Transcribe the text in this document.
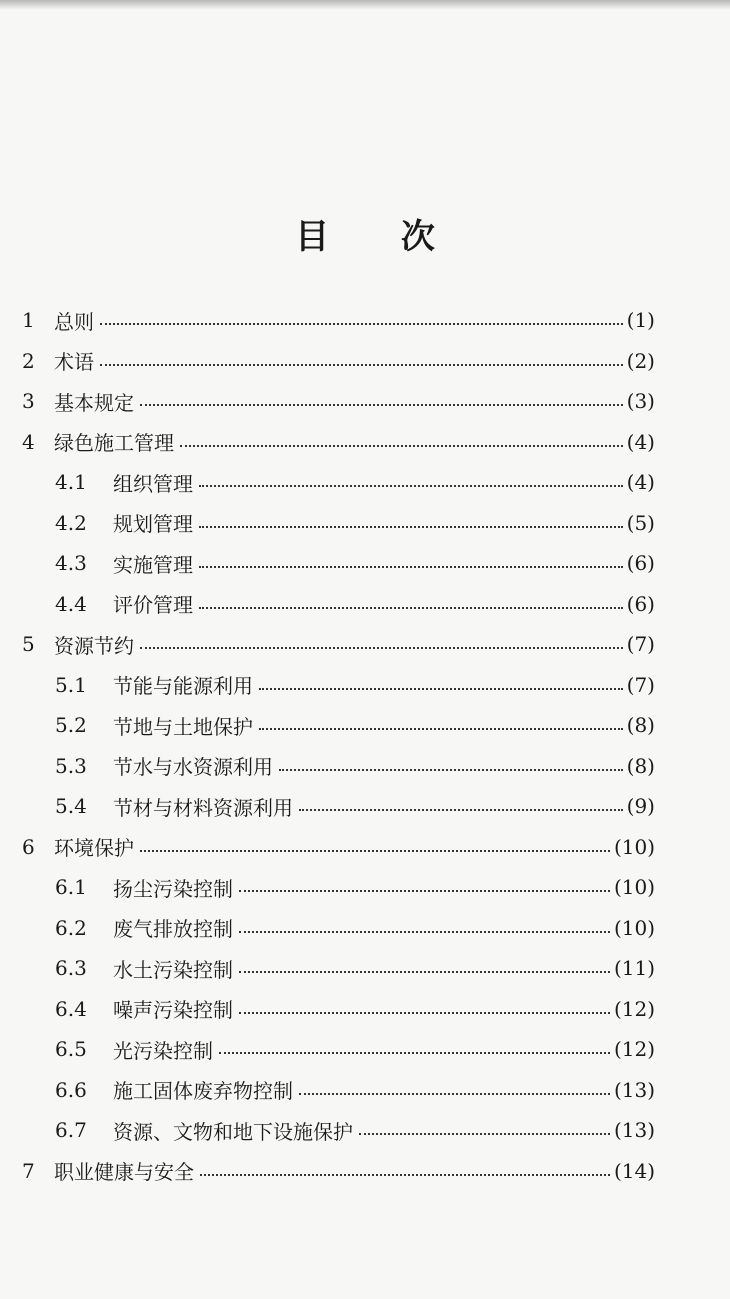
目 次
1 总则	(1)
2 术语	(2)
3 基本规定	(3)
4 绿色施工管理	(4)
4.1	组织管理	(4)
4.2	规划管理	(5)
4.3	实施管理	(6)
4.4	评价管理	(6)
5 资源节约	(7)
5.1	节能与能源利用	(7)
5.2	节地与土地保护	(8)
5.3	节水与水资源利用	(8)
5.4	节材与材料资源利用	(9)
6 环境保护	(10)
6.1	扬尘污染控制	(10)
6.2	废气排放控制	(10)
6.3	水土污染控制	(11)
6.4	噪声污染控制	(12)
6.5	光污染控制	(12)
6.6	施工固体废弃物控制	(13)
6.7	资源、文物和地下设施保护	(13)
7 职业健康与安全	(14)
